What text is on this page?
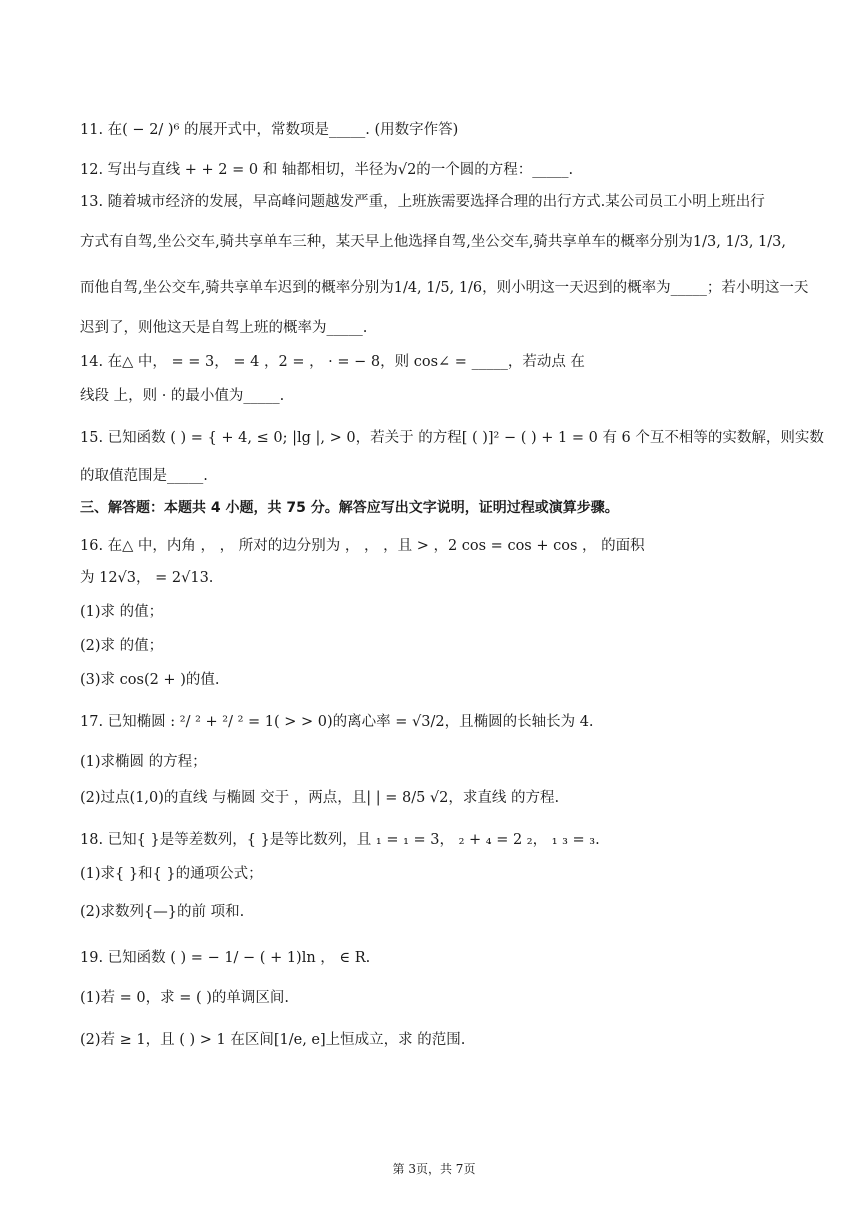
11. 在( − 2/ )⁶ 的展开式中，常数项是_____. (用数字作答)
12. 写出与直线 + + 2 = 0 和 轴都相切，半径为√2的一个圆的方程：_____.
13. 随着城市经济的发展，早高峰问题越发严重，上班族需要选择合理的出行方式.某公司员工小明上班出行
方式有自驾,坐公交车,骑共享单车三种，某天早上他选择自驾,坐公交车,骑共享单车的概率分别为1/3, 1/3, 1/3,
而他自驾,坐公交车,骑共享单车迟到的概率分别为1/4, 1/5, 1/6，则小明这一天迟到的概率为_____；若小明这一天
迟到了，则他这天是自驾上班的概率为_____.
14. 在△ 中， = = 3， = 4 ，2 = ， · = − 8，则 cos∠ = _____，若动点 在
线段 上，则 · 的最小值为_____.
15. 已知函数 ( ) = { + 4, ≤ 0; |lg |, > 0，若关于 的方程[ ( )]² − ( ) + 1 = 0 有 6 个互不相等的实数解，则实数
的取值范围是_____.
三、解答题：本题共 4 小题，共 75 分。解答应写出文字说明，证明过程或演算步骤。
16. 在△ 中，内角 ， ， 所对的边分别为 ， ， ，且 > ，2 cos = cos + cos ， 的面积
为 12√3， = 2√13.
(1)求 的值；
(2)求 的值；
(3)求 cos(2 + )的值.
17. 已知椭圆 : ²/ ² + ²/ ² = 1( > > 0)的离心率 = √3/2，且椭圆的长轴长为 4.
(1)求椭圆 的方程；
(2)过点(1,0)的直线 与椭圆 交于 ，两点，且| | = 8/5 √2，求直线 的方程.
18. 已知{ }是等差数列，{ }是等比数列，且 ₁ = ₁ = 3， ₂ + ₄ = 2 ₂， ₁ ₃ = ₃.
(1)求{ }和{ }的通项公式；
(2)求数列{—}的前 项和.
19. 已知函数 ( ) = − 1/ − ( + 1)ln ， ∈ R.
(1)若 = 0，求 = ( )的单调区间.
(2)若 ≥ 1，且 ( ) > 1 在区间[1/e, e]上恒成立，求 的范围.
第 3页，共 7页
